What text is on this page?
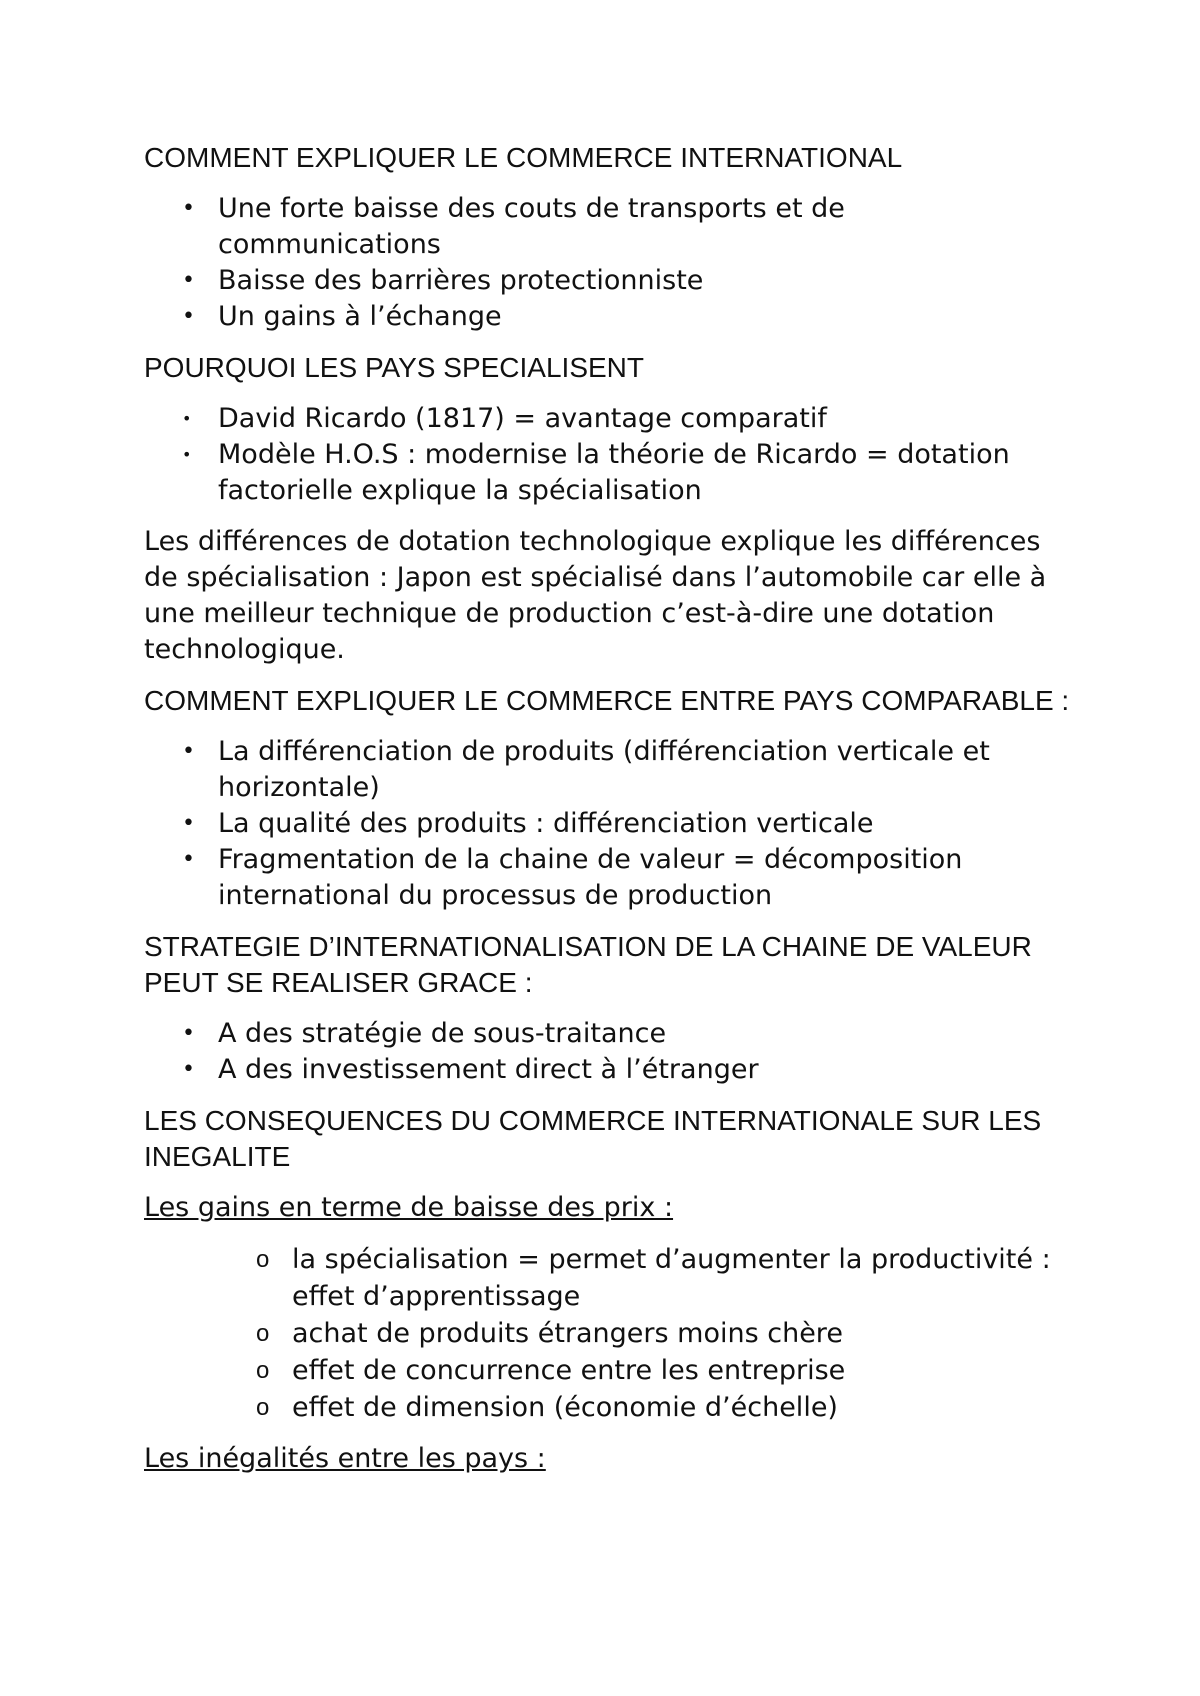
COMMENT EXPLIQUER LE COMMERCE INTERNATIONAL
• Une forte baisse des couts de transports et de communications
• Baisse des barrières protectionniste
• Un gains à l’échange
POURQUOI LES PAYS SPECIALISENT
• David Ricardo (1817) = avantage comparatif
• Modèle H.O.S : modernise la théorie de Ricardo = dotation factorielle explique la spécialisation

Les différences de dotation technologique explique les différences de spécialisation : Japon est spécialisé dans l’automobile car elle à une meilleur technique de production c’est-à-dire une dotation technologique.

COMMENT EXPLIQUER LE COMMERCE ENTRE PAYS COMPARABLE :
• La différenciation de produits (différenciation verticale et horizontale)
• La qualité des produits : différenciation verticale
• Fragmentation de la chaine de valeur = décomposition international du processus de production
STRATEGIE D’INTERNATIONALISATION DE LA CHAINE DE VALEUR PEUT SE REALISER GRACE :
• A des stratégie de sous-traitance
• A des investissement direct à l’étranger
LES CONSEQUENCES DU COMMERCE INTERNATIONALE SUR LES INEGALITE
Les gains en terme de baisse des prix :
o la spécialisation = permet d’augmenter la productivité : effet d’apprentissage
o achat de produits étrangers moins chère
o effet de concurrence entre les entreprise
o effet de dimension (économie d’échelle)
Les inégalités entre les pays :
